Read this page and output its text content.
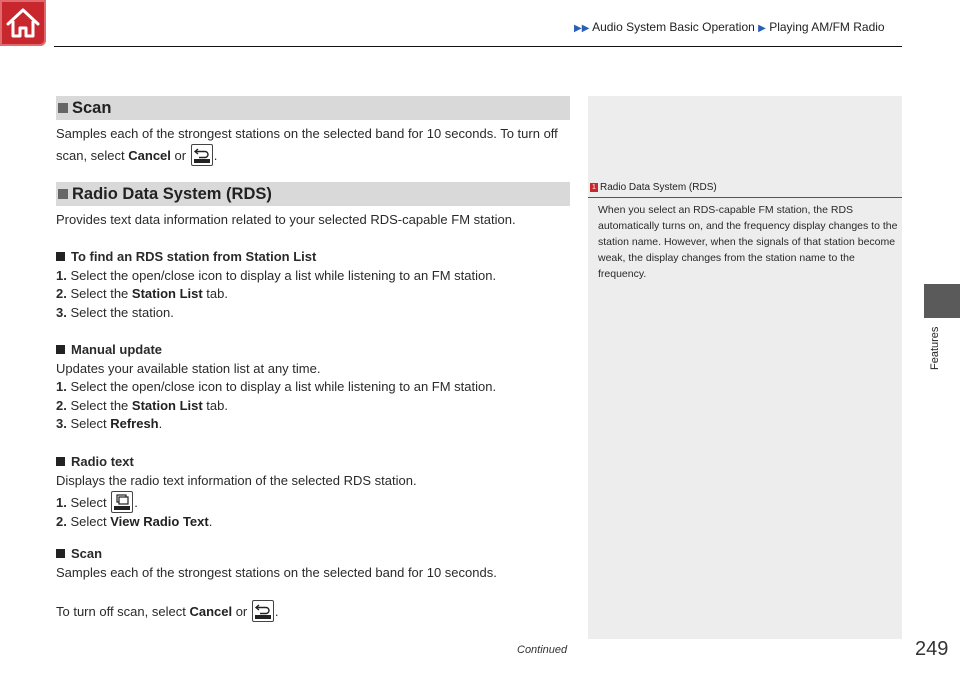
▶▶ Audio System Basic Operation ▶ Playing AM/FM Radio
Scan
Samples each of the strongest stations on the selected band for 10 seconds. To turn off scan, select Cancel or
.
Radio Data System (RDS)
Provides text data information related to your selected RDS-capable FM station.
To find an RDS station from Station List
1. Select the open/close icon to display a list while listening to an FM station.
2. Select the Station List tab.
3. Select the station.
Manual update
Updates your available station list at any time.
1. Select the open/close icon to display a list while listening to an FM station.
2. Select the Station List tab.
3. Select Refresh.
Radio text
Displays the radio text information of the selected RDS station.
1. Select
.
2. Select View Radio Text.
Scan
Samples each of the strongest stations on the selected band for 10 seconds.
To turn off scan, select Cancel or
.
1 Radio Data System (RDS)
When you select an RDS-capable FM station, the RDS automatically turns on, and the frequency display changes to the station name. However, when the signals of that station become weak, the display changes from the station name to the frequency.
Features
Continued	249
